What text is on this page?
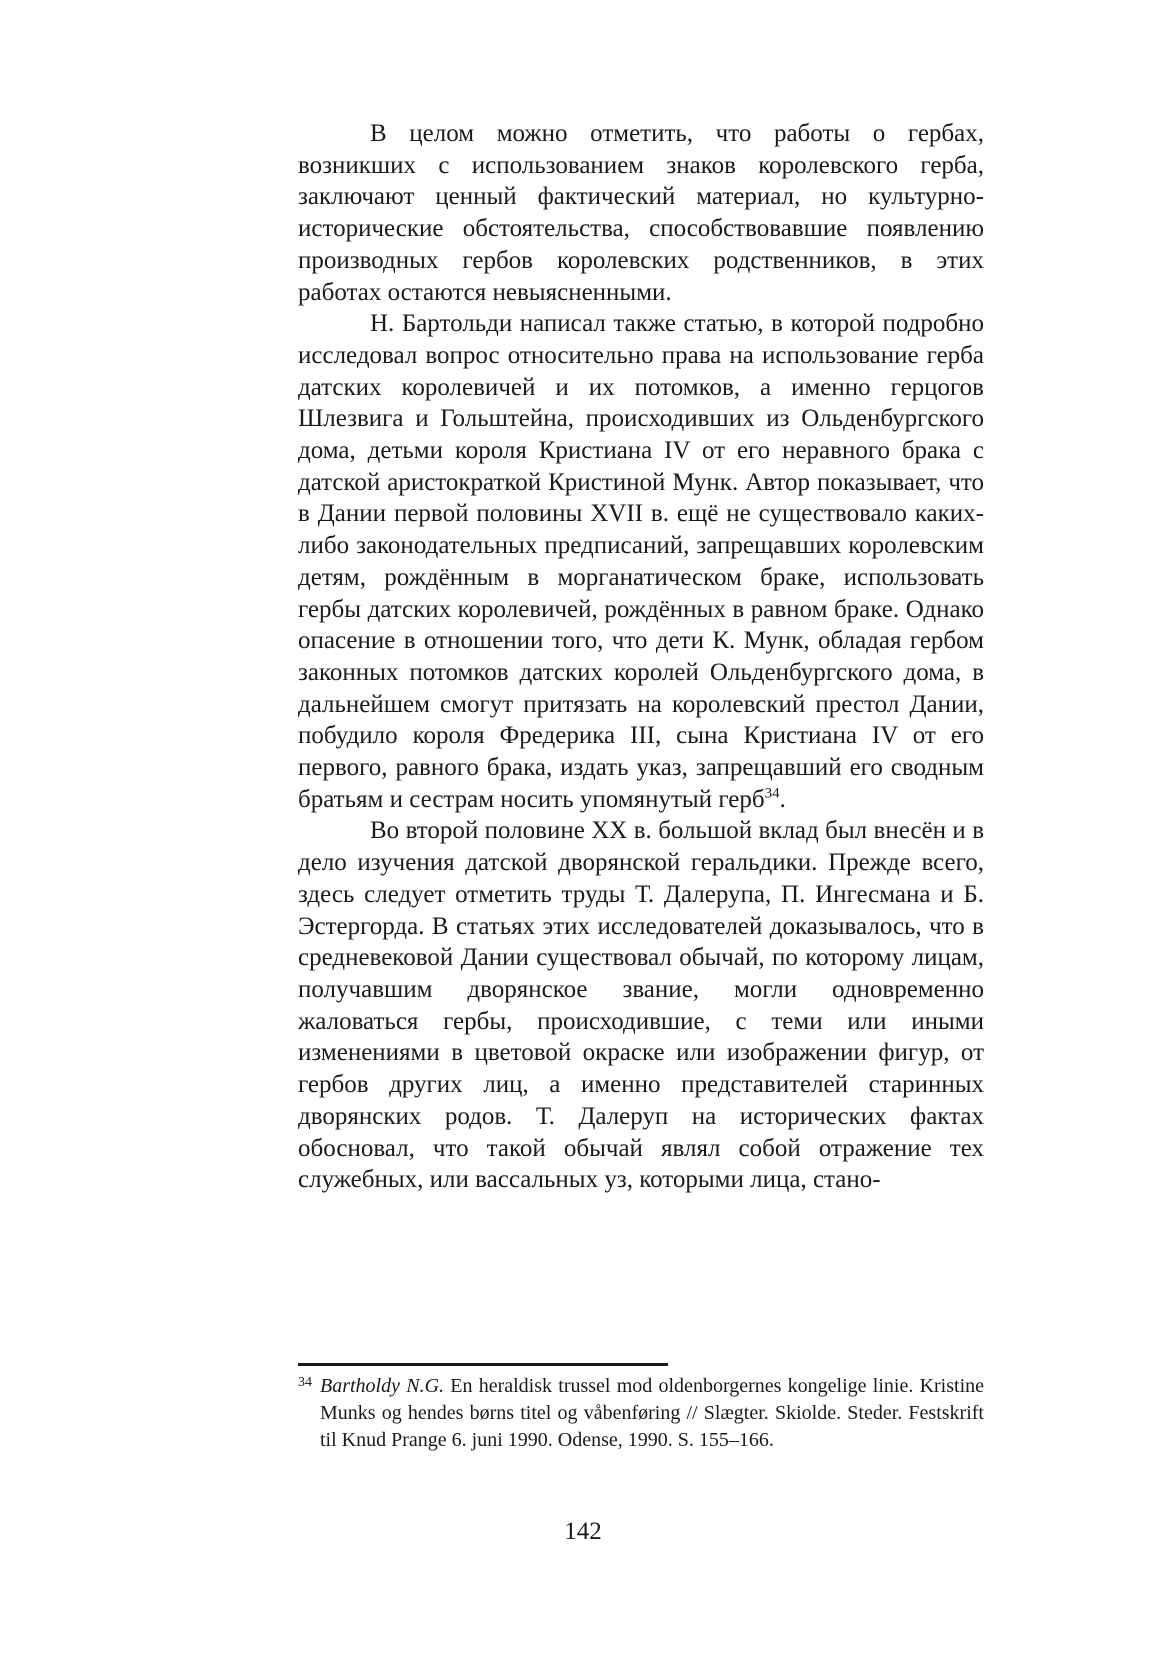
В целом можно отметить, что работы о гербах, возникших с использованием знаков королевского герба, заключают ценный фактический материал, но культурно-исторические обстоятельства, способствовавшие появлению производных гербов королевских родственников, в этих работах остаются невыясненными.

Н. Бартольди написал также статью, в которой подробно исследовал вопрос относительно права на использование герба датских королевичей и их потомков, а именно герцогов Шлезвига и Гольштейна, происходивших из Ольденбургского дома, детьми короля Кристиана IV от его неравного брака с датской аристократкой Кристиной Мунк. Автор показывает, что в Дании первой половины XVII в. ещё не существовало каких-либо законодательных предписаний, запрещавших королевским детям, рождённым в морганатическом браке, использовать гербы датских королевичей, рождённых в равном браке. Однако опасение в отношении того, что дети К. Мунк, обладая гербом законных потомков датских королей Ольденбургского дома, в дальнейшем смогут притязать на королевский престол Дании, побудило короля Фредерика III, сына Кристиана IV от его первого, равного брака, издать указ, запрещавший его сводным братьям и сестрам носить упомянутый герб$^{34}$.

Во второй половине XX в. большой вклад был внесён и в дело изучения датской дворянской геральдики. Прежде всего, здесь следует отметить труды Т. Далерупа, П. Ингесмана и Б. Эстергорда. В статьях этих исследователей доказывалось, что в средневековой Дании существовал обычай, по которому лицам, получавшим дворянское звание, могли одновременно жаловаться гербы, происходившие, с теми или иными изменениями в цветовой окраске или изображении фигур, от гербов других лиц, а именно представителей старинных дворянских родов. Т. Далеруп на исторических фактах обосновал, что такой обычай являл собой отражение тех служебных, или вассальных уз, которыми лица, стано-

34 Bartholdy N.G. En heraldisk trussel mod oldenborgernes kongelige linie. Kristine Munks og hendes børns titel og våbenføring // Slægter. Skiolde. Steder. Festskrift til Knud Prange 6. juni 1990. Odense, 1990. S. 155–166.
142
